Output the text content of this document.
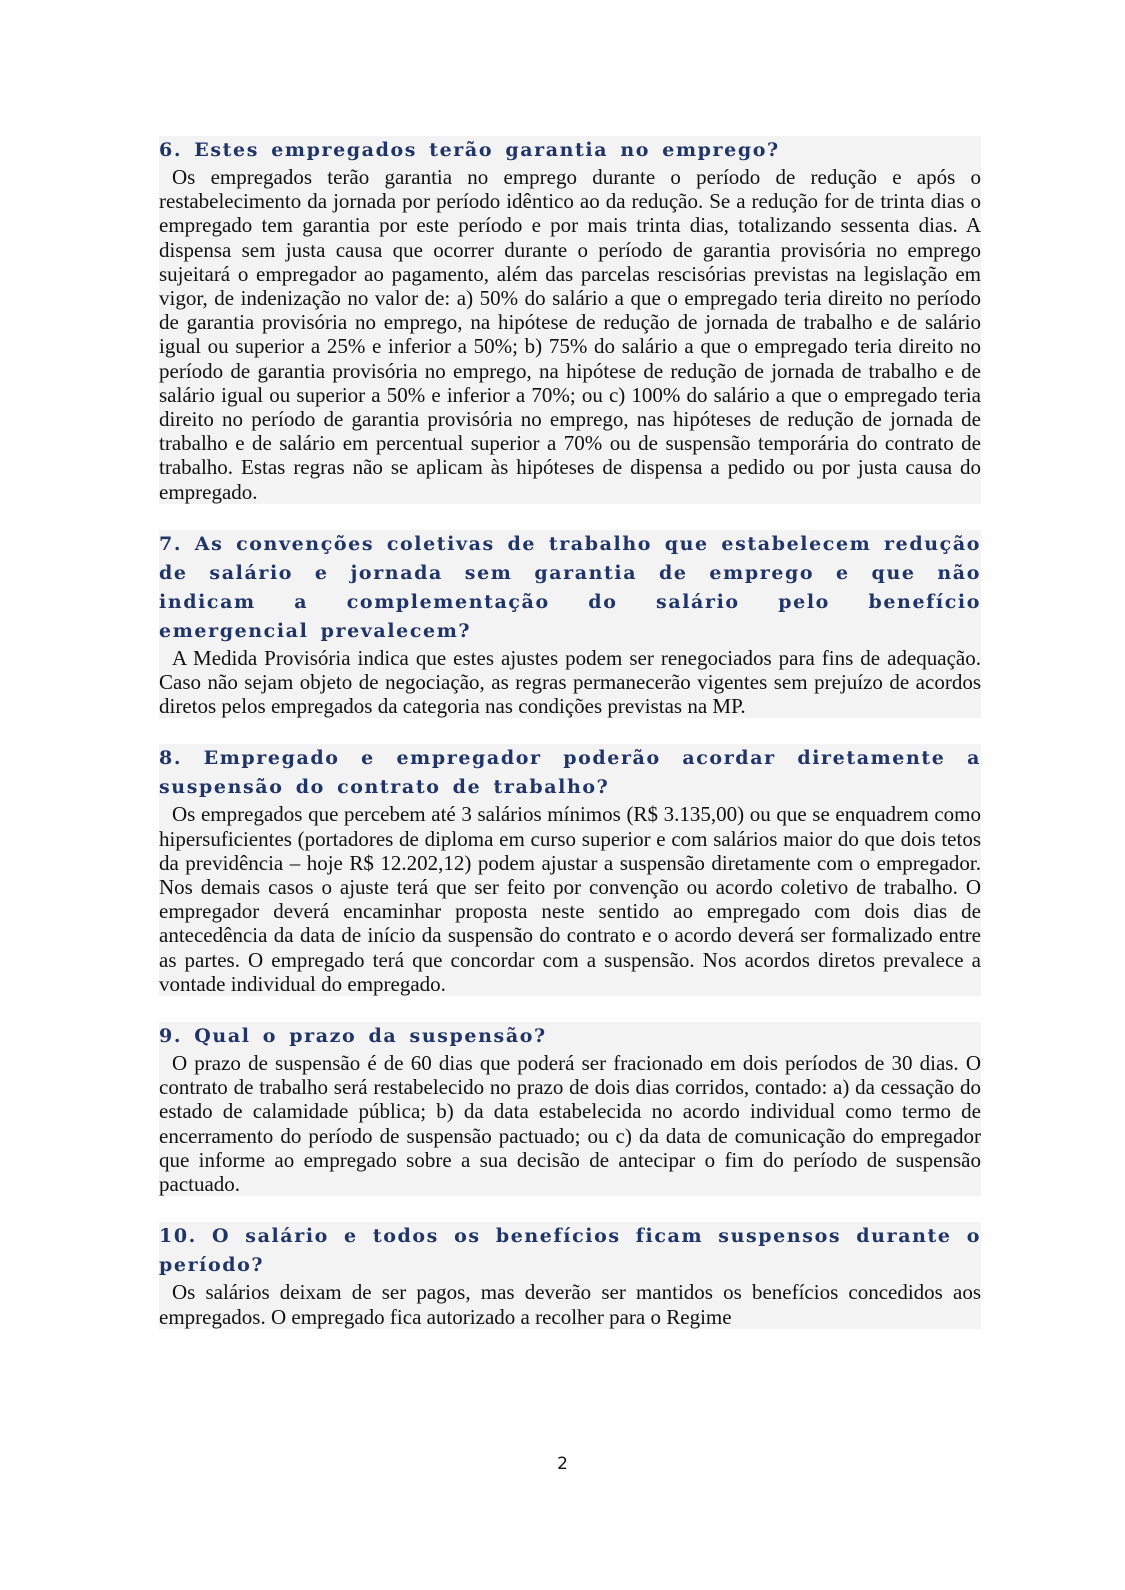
6. Estes empregados terão garantia no emprego?

Os empregados terão garantia no emprego durante o período de redução e após o restabelecimento da jornada por período idêntico ao da redução. Se a redução for de trinta dias o empregado tem garantia por este período e por mais trinta dias, totalizando sessenta dias. A dispensa sem justa causa que ocorrer durante o período de garantia provisória no emprego sujeitará o empregador ao pagamento, além das parcelas rescisórias previstas na legislação em vigor, de indenização no valor de: a) 50% do salário a que o empregado teria direito no período de garantia provisória no emprego, na hipótese de redução de jornada de trabalho e de salário igual ou superior a 25% e inferior a 50%; b) 75% do salário a que o empregado teria direito no período de garantia provisória no emprego, na hipótese de redução de jornada de trabalho e de salário igual ou superior a 50% e inferior a 70%; ou c) 100% do salário a que o empregado teria direito no período de garantia provisória no emprego, nas hipóteses de redução de jornada de trabalho e de salário em percentual superior a 70% ou de suspensão temporária do contrato de trabalho. Estas regras não se aplicam às hipóteses de dispensa a pedido ou por justa causa do empregado.

7. As convenções coletivas de trabalho que estabelecem redução de salário e jornada sem garantia de emprego e que não indicam a complementação do salário pelo benefício emergencial prevalecem?

A Medida Provisória indica que estes ajustes podem ser renegociados para fins de adequação. Caso não sejam objeto de negociação, as regras permanecerão vigentes sem prejuízo de acordos diretos pelos empregados da categoria nas condições previstas na MP.

8. Empregado e empregador poderão acordar diretamente a suspensão do contrato de trabalho?

Os empregados que percebem até 3 salários mínimos (R$ 3.135,00) ou que se enquadrem como hipersuficientes (portadores de diploma em curso superior e com salários maior do que dois tetos da previdência – hoje R$ 12.202,12) podem ajustar a suspensão diretamente com o empregador. Nos demais casos o ajuste terá que ser feito por convenção ou acordo coletivo de trabalho. O empregador deverá encaminhar proposta neste sentido ao empregado com dois dias de antecedência da data de início da suspensão do contrato e o acordo deverá ser formalizado entre as partes. O empregado terá que concordar com a suspensão. Nos acordos diretos prevalece a vontade individual do empregado.

9. Qual o prazo da suspensão?

O prazo de suspensão é de 60 dias que poderá ser fracionado em dois períodos de 30 dias. O contrato de trabalho será restabelecido no prazo de dois dias corridos, contado: a) da cessação do estado de calamidade pública; b) da data estabelecida no acordo individual como termo de encerramento do período de suspensão pactuado; ou c) da data de comunicação do empregador que informe ao empregado sobre a sua decisão de antecipar o fim do período de suspensão pactuado.

10. O salário e todos os benefícios ficam suspensos durante o período?

Os salários deixam de ser pagos, mas deverão ser mantidos os benefícios concedidos aos empregados. O empregado fica autorizado a recolher para o Regime

2
